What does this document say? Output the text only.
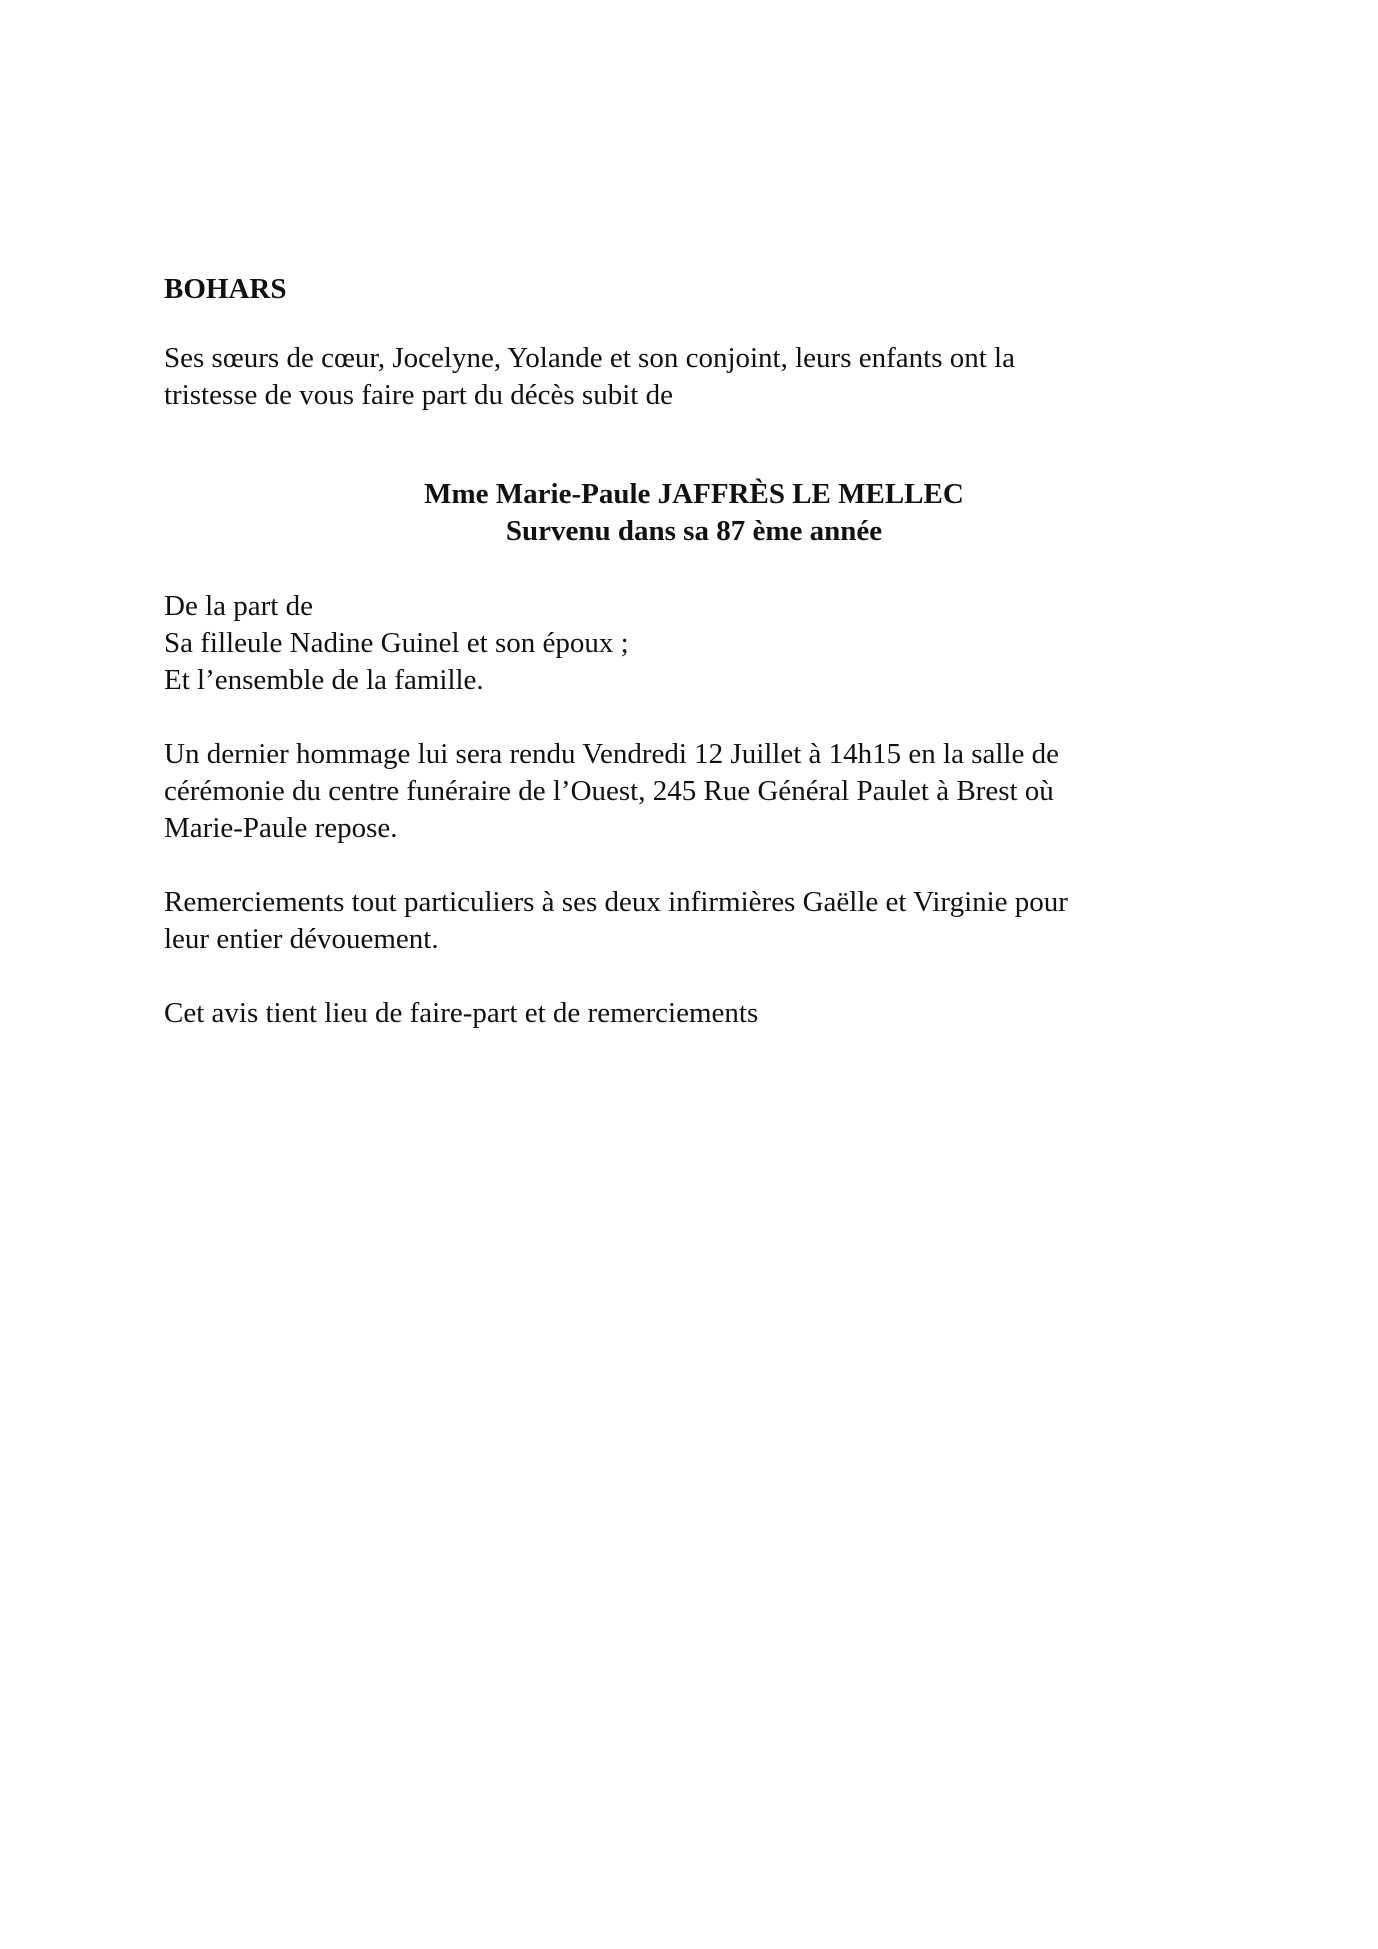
BOHARS
Ses sœurs de cœur, Jocelyne, Yolande et son conjoint, leurs enfants ont la
tristesse de vous faire part du décès subit de
Mme Marie-Paule JAFFRÈS LE MELLEC
Survenu dans sa 87 ème année
De la part de
Sa filleule Nadine Guinel et son époux ;
Et l’ensemble de la famille.
Un dernier hommage lui sera rendu Vendredi 12 Juillet à 14h15 en la salle de
cérémonie du centre funéraire de l’Ouest, 245 Rue Général Paulet à Brest où
Marie-Paule repose.
Remerciements tout particuliers à ses deux infirmières Gaëlle et Virginie pour
leur entier dévouement.
Cet avis tient lieu de faire-part et de remerciements
